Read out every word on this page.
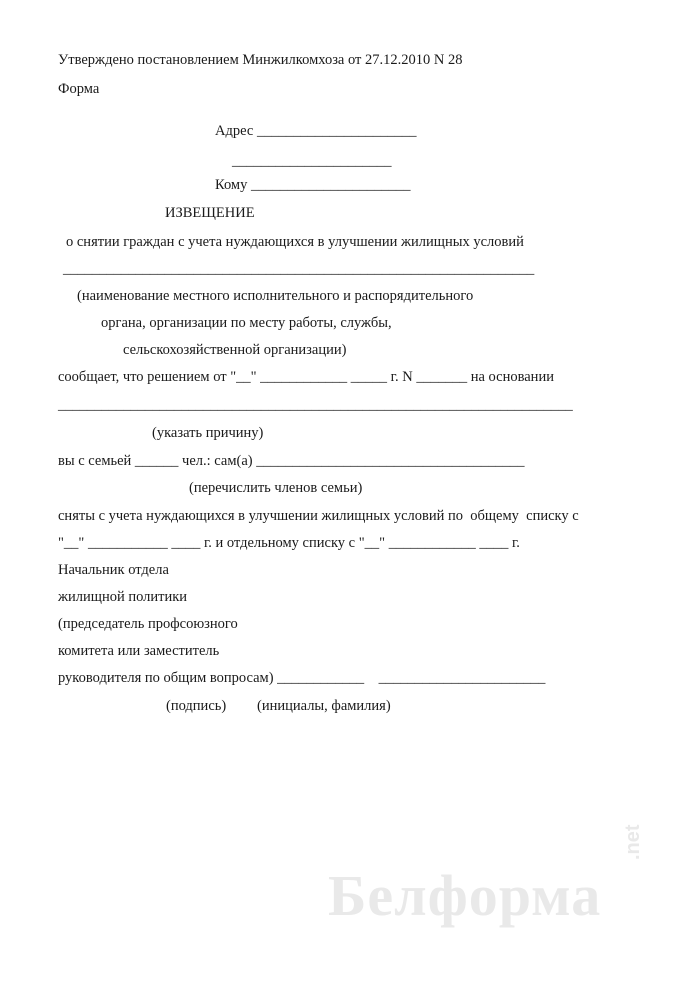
Утверждено постановлением Минжилкомхоза от 27.12.2010 N 28
Форма
Адрес ______________________
______________________
Кому ______________________
ИЗВЕЩЕНИЕ
о снятии граждан с учета нуждающихся в улучшении жилищных условий
_________________________________________________________________
(наименование местного исполнительного и распорядительного
органа, организации по месту работы, службы,
сельскохозяйственной организации)
сообщает, что решением от "__" ____________ _____ г. N _______ на основании
_______________________________________________________________________
(указать причину)
вы с семьей ______ чел.: сам(а) _____________________________________
(перечислить членов семьи)
сняты с учета нуждающихся в улучшении жилищных условий по  общему  списку с
"__" ___________ ____ г. и отдельному списку с "__" ____________ ____ г.
Начальник отдела
жилищной политики
(председатель профсоюзного
комитета или заместитель
руководителя по общим вопросам) ____________    _______________________
(подпись) (инициалы, фамилия)
Белформа
.net
